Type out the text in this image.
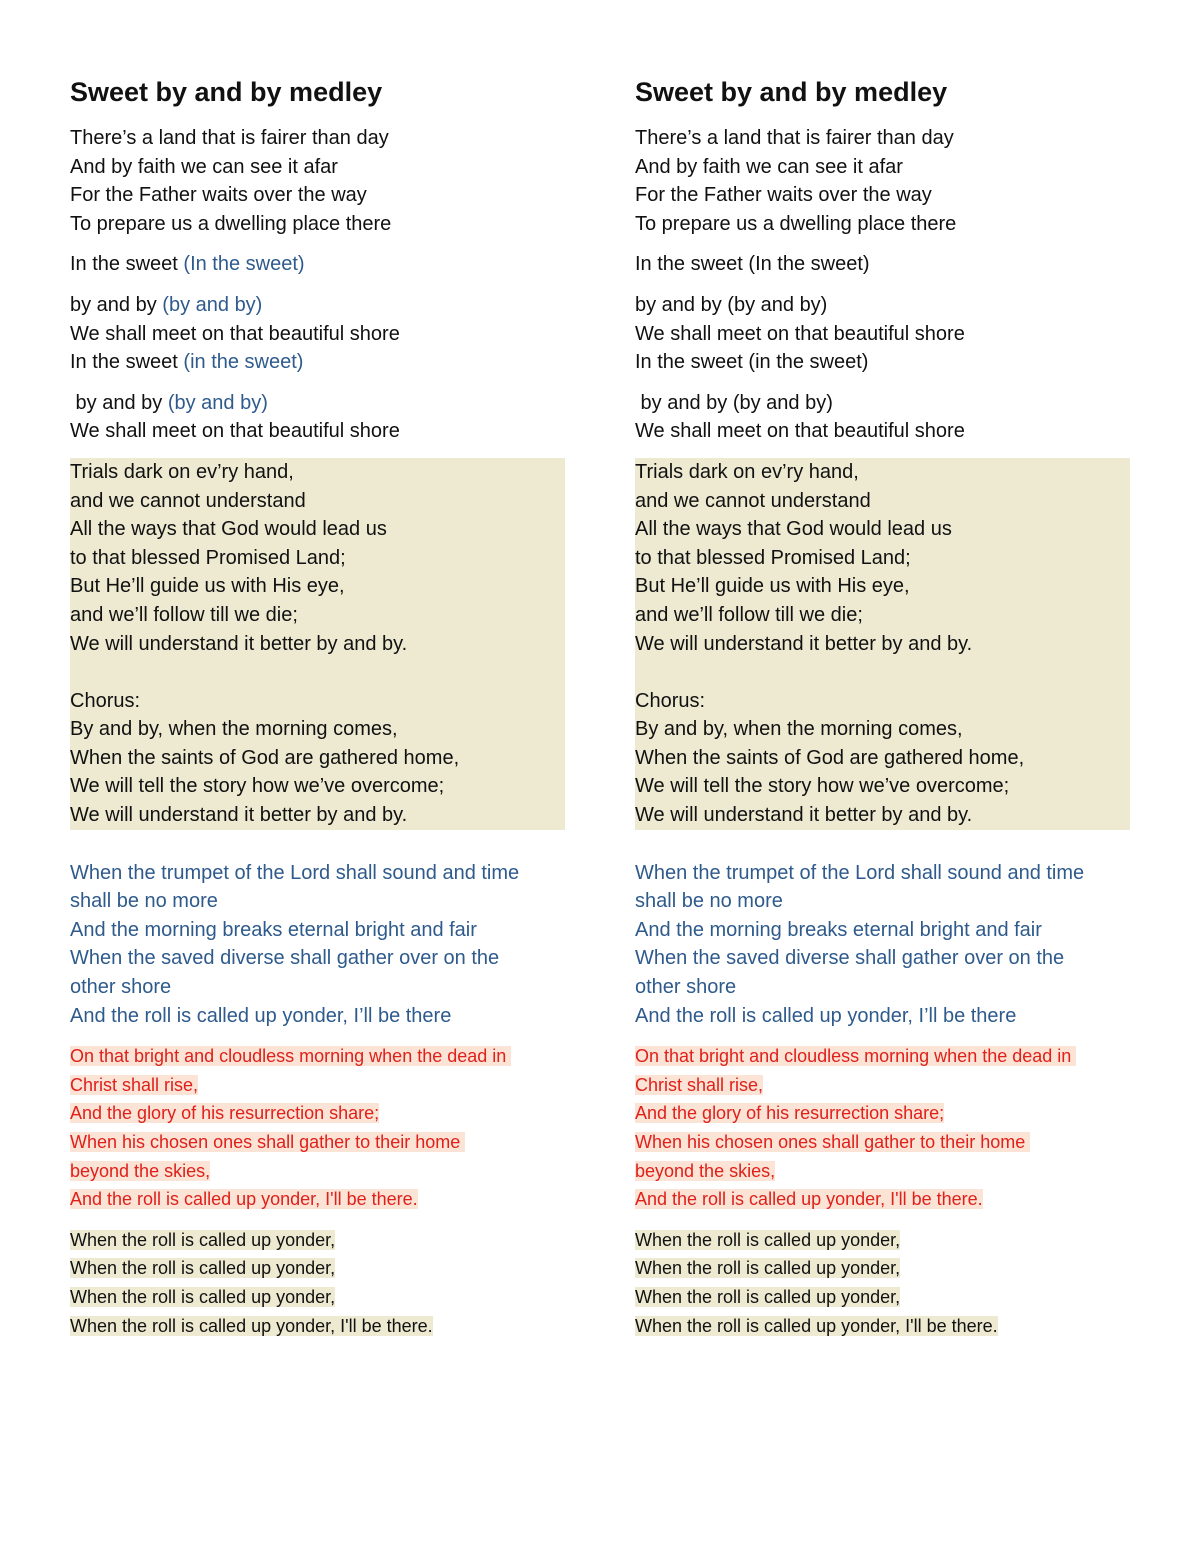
Sweet by and by medley
There’s a land that is fairer than day
And by faith we can see it afar
For the Father waits over the way
To prepare us a dwelling place there
In the sweet (In the sweet)
by and by (by and by)
We shall meet on that beautiful shore
In the sweet (in the sweet)
by and by (by and by)
We shall meet on that beautiful shore
Trials dark on ev’ry hand,
and we cannot understand
All the ways that God would lead us
to that blessed Promised Land;
But He’ll guide us with His eye,
and we’ll follow till we die;
We will understand it better by and by.
Chorus:
By and by, when the morning comes,
When the saints of God are gathered home,
We will tell the story how we’ve overcome;
We will understand it better by and by.
When the trumpet of the Lord shall sound and time
shall be no more
And the morning breaks eternal bright and fair
When the saved diverse shall gather over on the
other shore
And the roll is called up yonder, I’ll be there
On that bright and cloudless morning when the dead in
Christ shall rise,
And the glory of his resurrection share;
When his chosen ones shall gather to their home
beyond the skies,
And the roll is called up yonder, I'll be there.
When the roll is called up yonder,
When the roll is called up yonder,
When the roll is called up yonder,
When the roll is called up yonder, I'll be there.
Sweet by and by medley
There’s a land that is fairer than day
And by faith we can see it afar
For the Father waits over the way
To prepare us a dwelling place there
In the sweet (In the sweet)
by and by (by and by)
We shall meet on that beautiful shore
In the sweet (in the sweet)
by and by (by and by)
We shall meet on that beautiful shore
Trials dark on ev’ry hand,
and we cannot understand
All the ways that God would lead us
to that blessed Promised Land;
But He’ll guide us with His eye,
and we’ll follow till we die;
We will understand it better by and by.
Chorus:
By and by, when the morning comes,
When the saints of God are gathered home,
We will tell the story how we’ve overcome;
We will understand it better by and by.
When the trumpet of the Lord shall sound and time
shall be no more
And the morning breaks eternal bright and fair
When the saved diverse shall gather over on the
other shore
And the roll is called up yonder, I’ll be there
On that bright and cloudless morning when the dead in
Christ shall rise,
And the glory of his resurrection share;
When his chosen ones shall gather to their home
beyond the skies,
And the roll is called up yonder, I'll be there.
When the roll is called up yonder,
When the roll is called up yonder,
When the roll is called up yonder,
When the roll is called up yonder, I'll be there.
